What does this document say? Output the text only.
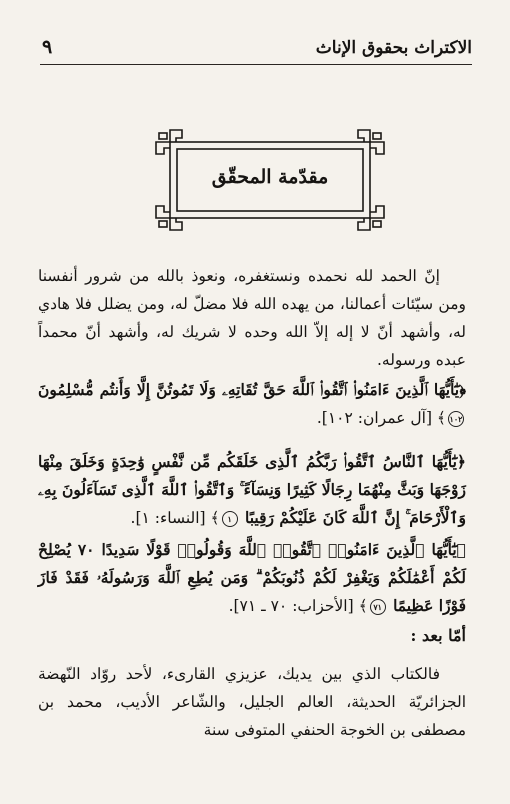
الاكتراث بحقوق الإناث
٩
مقدّمة المحقّق

إنّ الحمد لله نحمده ونستغفره، ونعوذ بالله من شرور أنفسنا ومن سيّئات أعمالنا، من يهده الله فلا مضلّ له، ومن يضلل فلا هادي له، وأشهد أنّ لا إله إلاّ الله وحده لا شريك له، وأشهد أنّ محمداً عبده ورسوله.

﴿يَٰٓأَيُّهَا ٱلَّذِينَ ءَامَنُوا۟ ٱتَّقُوا۟ ٱللَّهَ حَقَّ تُقَاتِهِۦ وَلَا تَمُوتُنَّ إِلَّا وَأَنتُم مُّسْلِمُونَ ١٠٢﴾ [آل عمران: ١٠٢].

﴿يَٰٓأَيُّهَا ٱلنَّاسُ ٱتَّقُوا۟ رَبَّكُمُ ٱلَّذِى خَلَقَكُم مِّن نَّفْسٍ وَٰحِدَةٍ وَخَلَقَ مِنْهَا زَوْجَهَا وَبَثَّ مِنْهُمَا رِجَالًا كَثِيرًا وَنِسَآءً ۚ وَٱتَّقُوا۟ ٱللَّهَ ٱلَّذِى تَسَآءَلُونَ بِهِۦ وَٱلْأَرْحَامَ ۚ إِنَّ ٱللَّهَ كَانَ عَلَيْكُمْ رَقِيبًا ١﴾ [النساء: ١].

﴿يَٰٓأَيُّهَا ٱلَّذِينَ ءَامَنُوا۟ ٱتَّقُوا۟ ٱللَّهَ وَقُولُوا۟ قَوْلًا سَدِيدًا ٧٠ يُصْلِحْ لَكُمْ أَعْمَٰلَكُمْ وَيَغْفِرْ لَكُمْ ذُنُوبَكُمْ ۗ وَمَن يُطِعِ ٱللَّهَ وَرَسُولَهُۥ فَقَدْ فَازَ فَوْزًا عَظِيمًا ٧١﴾ [الأحزاب: ٧٠ ـ ٧١].

أمّا بعد :

فالكتاب الذي بين يديك، عزيزي القارىء، لأحد روّاد النّهضة الجزائريّة الحديثة، العالم الجليل، والشّاعر الأديب، محمد بن مصطفى بن الخوجة الحنفي المتوفى سنة
